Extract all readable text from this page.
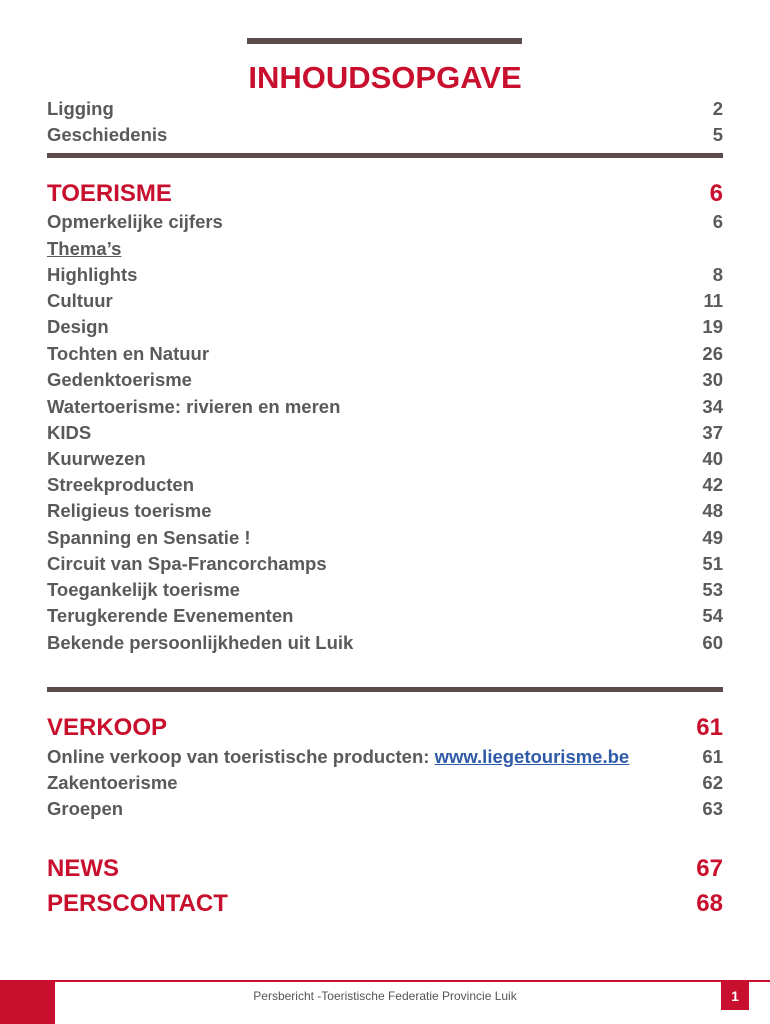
INHOUDSOPGAVE
Ligging	2
Geschiedenis	5
TOERISME	6
Opmerkelijke cijfers	6
Thema’s
Highlights	8
Cultuur	11
Design	19
Tochten en Natuur	26
Gedenktoerisme	30
Watertoerisme: rivieren en meren	34
KIDS	37
Kuurwezen	40
Streekproducten	42
Religieus toerisme	48
Spanning en Sensatie !	49
Circuit van Spa-Francorchamps	51
Toegankelijk toerisme	53
Terugkerende Evenementen	54
Bekende persoonlijkheden uit Luik	60
VERKOOP	61
Online verkoop van toeristische producten: www.liegetourisme.be	61
Zakentoerisme	62
Groepen	63
NEWS	67
PERSCONTACT	68
Persbericht -Toeristische Federatie Provincie Luik	1
